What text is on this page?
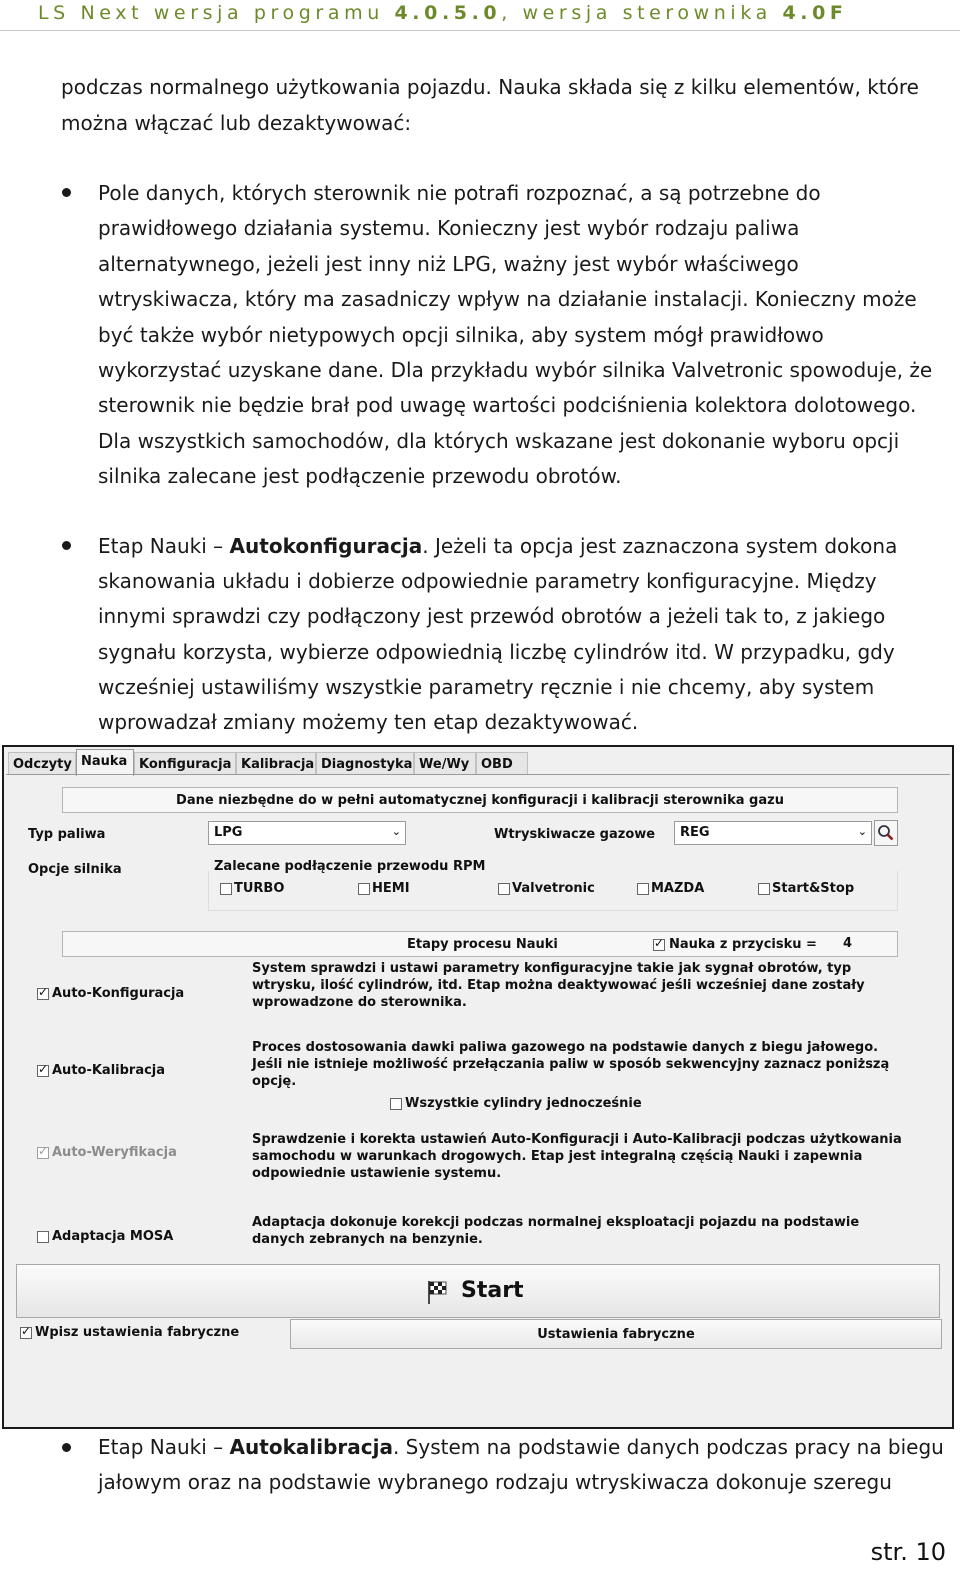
LS Next wersja programu 4.0.5.0, wersja sterownika 4.0F
podczas normalnego użytkowania pojazdu. Nauka składa się z kilku elementów, które
można włączać lub dezaktywować:
Pole danych, których sterownik nie potrafi rozpoznać, a są potrzebne do
prawidłowego działania systemu. Konieczny jest wybór rodzaju paliwa
alternatywnego, jeżeli jest inny niż LPG, ważny jest wybór właściwego
wtryskiwacza, który ma zasadniczy wpływ na działanie instalacji. Konieczny może
być także wybór nietypowych opcji silnika, aby system mógł prawidłowo
wykorzystać uzyskane dane. Dla przykładu wybór silnika Valvetronic spowoduje, że
sterownik nie będzie brał pod uwagę wartości podciśnienia kolektora dolotowego.
Dla wszystkich samochodów, dla których wskazane jest dokonanie wyboru opcji
silnika zalecane jest podłączenie przewodu obrotów.
Etap Nauki – Autokonfiguracja. Jeżeli ta opcja jest zaznaczona system dokona
skanowania układu i dobierze odpowiednie parametry konfiguracyjne. Między
innymi sprawdzi czy podłączony jest przewód obrotów a jeżeli tak to, z jakiego
sygnału korzysta, wybierze odpowiednią liczbę cylindrów itd. W przypadku, gdy
wcześniej ustawiliśmy wszystkie parametry ręcznie i nie chcemy, aby system
wprowadzał zmiany możemy ten etap dezaktywować.
Odczyty Nauka Konfiguracja Kalibracja Diagnostyka We/Wy OBD
Dane niezbędne do w pełni automatycznej konfiguracji i kalibracji sterownika gazu
Typ paliwa	LPG	⌄	Wtryskiwacze gazowe	REG	⌄
Opcje silnika	Zalecane podłączenie przewodu RPM
TURBO	HEMI	Valvetronic	MAZDA	Start&Stop
Etapy procesu Nauki
✓	Nauka z przycisku = 4
✓
Auto-Konfiguracja
System sprawdzi i ustawi parametry konfiguracyjne takie jak sygnał obrotów, typ
wtrysku, ilość cylindrów, itd. Etap można deaktywować jeśli wcześniej dane zostały
wprowadzone do sterownika.
✓
Auto-Kalibracja
Proces dostosowania dawki paliwa gazowego na podstawie danych z biegu jałowego.
Jeśli nie istnieje możliwość przełączania paliw w sposób sekwencyjny zaznacz poniższą
opcję.
Wszystkie cylindry jednocześnie
✓
Auto-Weryfikacja
Sprawdzenie i korekta ustawień Auto-Konfiguracji i Auto-Kalibracji podczas użytkowania
samochodu w warunkach drogowych. Etap jest integralną częścią Nauki i zapewnia
odpowiednie ustawienie systemu.
Adaptacja MOSA
Adaptacja dokonuje korekcji podczas normalnej eksploatacji pojazdu na podstawie
danych zebranych na benzynie.
Start
✓
Wpisz ustawienia fabryczne	Ustawienia fabryczne
Etap Nauki – Autokalibracja. System na podstawie danych podczas pracy na biegu
jałowym oraz na podstawie wybranego rodzaju wtryskiwacza dokonuje szeregu
str. 10
